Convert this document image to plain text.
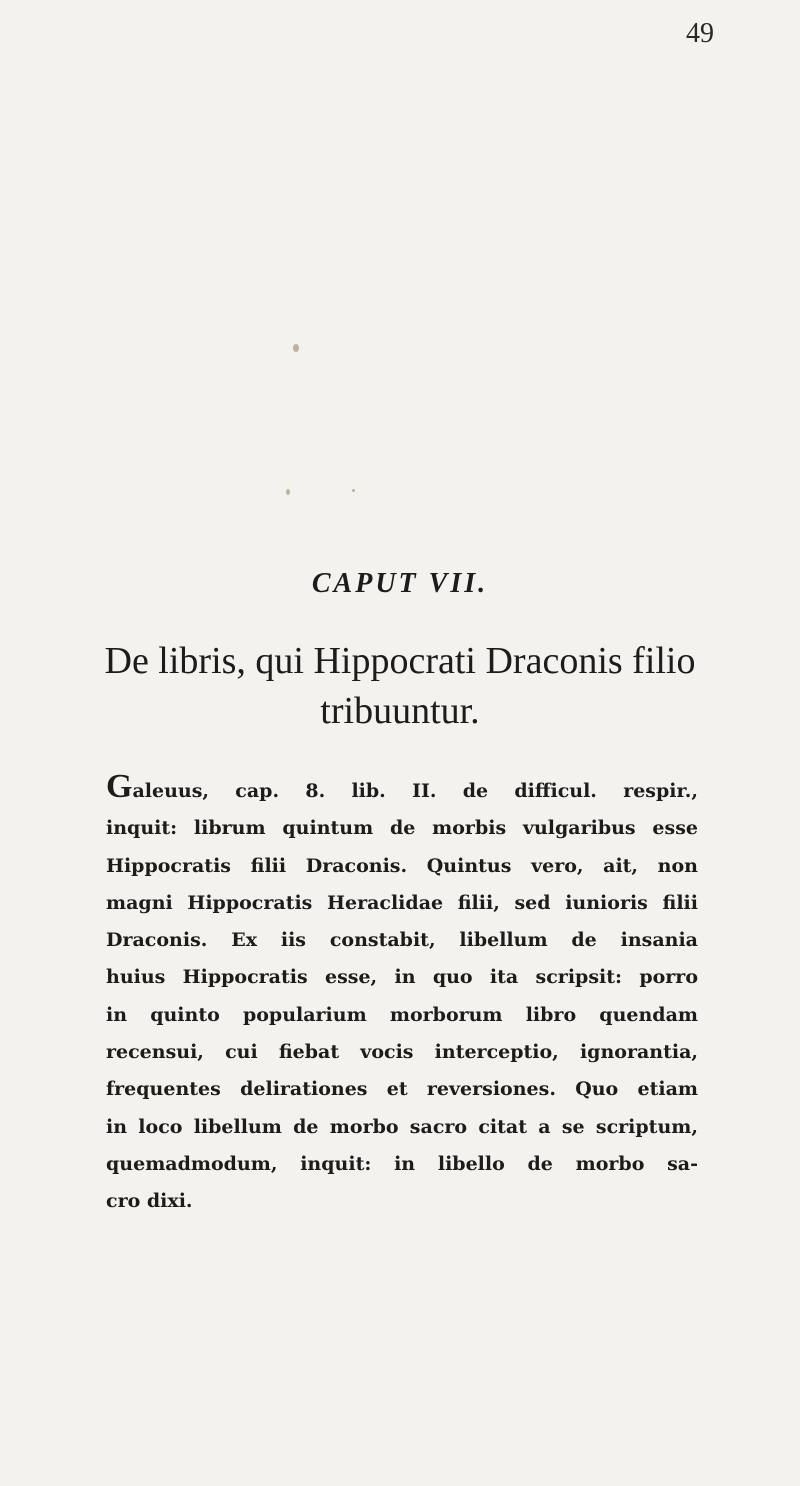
49
CAPUT VII.
De libris, qui Hippocrati Draconis filio
tribuuntur.
Galeuus, cap. 8. lib. II. de difficul. respir.,
inquit: librum quintum de morbis vulgaribus esse
Hippocratis filii Draconis. Quintus vero, ait, non
magni Hippocratis Heraclidae filii, sed iunioris filii
Draconis. Ex iis constabit, libellum de insania
huius Hippocratis esse, in quo ita scripsit: porro
in quinto popularium morborum libro quendam
recensui, cui fiebat vocis interceptio, ignorantia,
frequentes delirationes et reversiones. Quo etiam
in loco libellum de morbo sacro citat a se scriptum,
quemadmodum, inquit: in libello de morbo sa-
cro dixi.
